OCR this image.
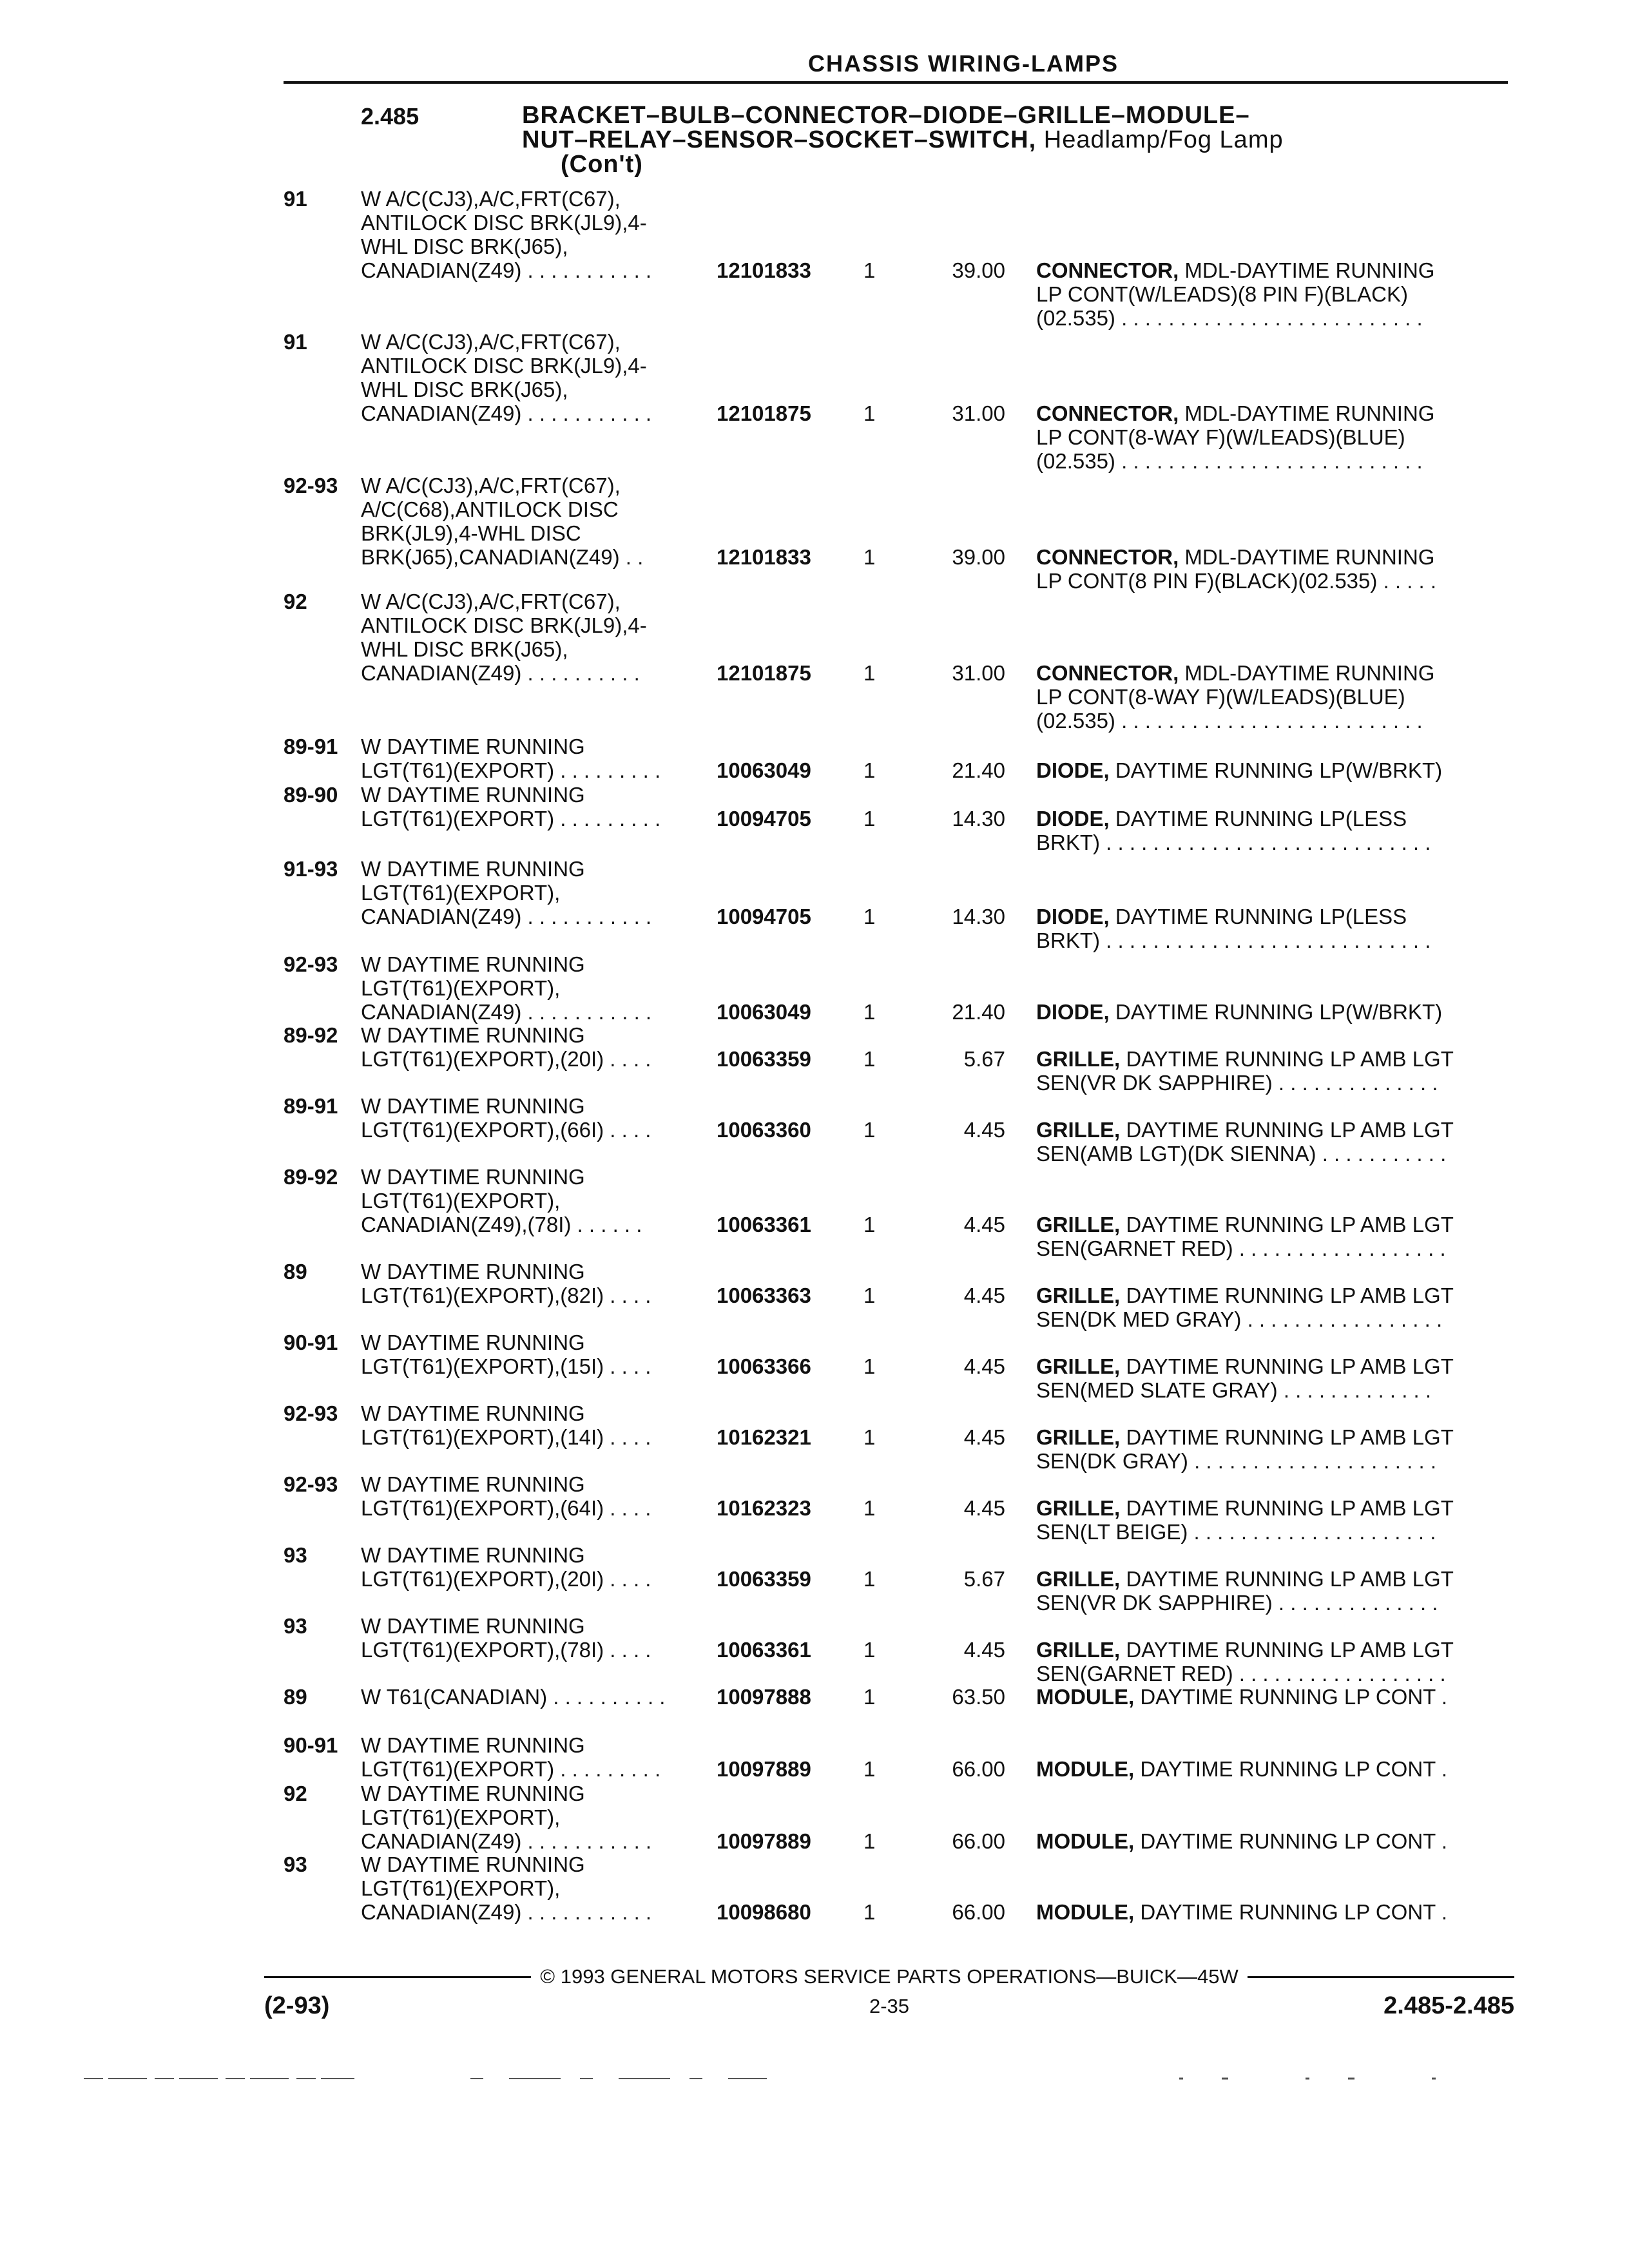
CHASSIS WIRING-LAMPS
2.485	BRACKET–BULB–CONNECTOR–DIODE–GRILLE–MODULE–
NUT–RELAY–SENSOR–SOCKET–SWITCH, Headlamp/Fog Lamp
(Con't)
91	W A/C(CJ3),A/C,FRT(C67),
ANTILOCK DISC BRK(JL9),4-
WHL DISC BRK(J65),
CANADIAN(Z49) . . . . . . . . . . .	12101833	1	39.00 CONNECTOR, MDL-DAYTIME RUNNING
LP CONT(W/LEADS)(8 PIN F)(BLACK)
(02.535) . . . . . . . . . . . . . . . . . . . . . . . . . .
91	W A/C(CJ3),A/C,FRT(C67),
ANTILOCK DISC BRK(JL9),4-
WHL DISC BRK(J65),
CANADIAN(Z49) . . . . . . . . . . .	12101875	1	31.00 CONNECTOR, MDL-DAYTIME RUNNING
LP CONT(8-WAY F)(W/LEADS)(BLUE)
(02.535) . . . . . . . . . . . . . . . . . . . . . . . . . .
92-93 W A/C(CJ3),A/C,FRT(C67),
A/C(C68),ANTILOCK DISC
BRK(JL9),4-WHL DISC
BRK(J65),CANADIAN(Z49) . .	12101833	1	39.00 CONNECTOR, MDL-DAYTIME RUNNING
LP CONT(8 PIN F)(BLACK)(02.535) . . . . .
92	W A/C(CJ3),A/C,FRT(C67),
ANTILOCK DISC BRK(JL9),4-
WHL DISC BRK(J65),
CANADIAN(Z49) . . . . . . . . . .	12101875	1	31.00 CONNECTOR, MDL-DAYTIME RUNNING
LP CONT(8-WAY F)(W/LEADS)(BLUE)
(02.535) . . . . . . . . . . . . . . . . . . . . . . . . . .
89-91 W DAYTIME RUNNING
LGT(T61)(EXPORT) . . . . . . . . .	10063049	1	21.40 DIODE, DAYTIME RUNNING LP(W/BRKT)
89-90 W DAYTIME RUNNING
LGT(T61)(EXPORT) . . . . . . . . .	10094705	1	14.30 DIODE, DAYTIME RUNNING LP(LESS
BRKT) . . . . . . . . . . . . . . . . . . . . . . . . . . . .
91-93 W DAYTIME RUNNING
LGT(T61)(EXPORT),
CANADIAN(Z49) . . . . . . . . . . .	10094705	1	14.30 DIODE, DAYTIME RUNNING LP(LESS
BRKT) . . . . . . . . . . . . . . . . . . . . . . . . . . . .
92-93 W DAYTIME RUNNING
LGT(T61)(EXPORT),
CANADIAN(Z49) . . . . . . . . . . .	10063049	1	21.40 DIODE, DAYTIME RUNNING LP(W/BRKT)
89-92 W DAYTIME RUNNING
LGT(T61)(EXPORT),(20I) . . . .	10063359	1	5.67 GRILLE, DAYTIME RUNNING LP AMB LGT
SEN(VR DK SAPPHIRE) . . . . . . . . . . . . . .
89-91 W DAYTIME RUNNING
LGT(T61)(EXPORT),(66I) . . . .	10063360	1	4.45 GRILLE, DAYTIME RUNNING LP AMB LGT
SEN(AMB LGT)(DK SIENNA) . . . . . . . . . . .
89-92 W DAYTIME RUNNING
LGT(T61)(EXPORT),
CANADIAN(Z49),(78I) . . . . . .	10063361	1	4.45 GRILLE, DAYTIME RUNNING LP AMB LGT
SEN(GARNET RED) . . . . . . . . . . . . . . . . . .
89	W DAYTIME RUNNING
LGT(T61)(EXPORT),(82I) . . . .	10063363	1	4.45 GRILLE, DAYTIME RUNNING LP AMB LGT
SEN(DK MED GRAY) . . . . . . . . . . . . . . . . .
90-91 W DAYTIME RUNNING
LGT(T61)(EXPORT),(15I) . . . .	10063366	1	4.45 GRILLE, DAYTIME RUNNING LP AMB LGT
SEN(MED SLATE GRAY) . . . . . . . . . . . . .
92-93 W DAYTIME RUNNING
LGT(T61)(EXPORT),(14I) . . . .	10162321	1	4.45 GRILLE, DAYTIME RUNNING LP AMB LGT
SEN(DK GRAY) . . . . . . . . . . . . . . . . . . . . .
92-93 W DAYTIME RUNNING
LGT(T61)(EXPORT),(64I) . . . .	10162323	1	4.45 GRILLE, DAYTIME RUNNING LP AMB LGT
SEN(LT BEIGE) . . . . . . . . . . . . . . . . . . . . .
93	W DAYTIME RUNNING
LGT(T61)(EXPORT),(20I) . . . .	10063359	1	5.67 GRILLE, DAYTIME RUNNING LP AMB LGT
SEN(VR DK SAPPHIRE) . . . . . . . . . . . . . .
93	W DAYTIME RUNNING
LGT(T61)(EXPORT),(78I) . . . .	10063361	1	4.45 GRILLE, DAYTIME RUNNING LP AMB LGT
SEN(GARNET RED) . . . . . . . . . . . . . . . . . .
89	W T61(CANADIAN) . . . . . . . . . .	10097888	1	63.50 MODULE, DAYTIME RUNNING LP CONT .
90-91 W DAYTIME RUNNING
LGT(T61)(EXPORT) . . . . . . . . .	10097889	1	66.00 MODULE, DAYTIME RUNNING LP CONT .
92	W DAYTIME RUNNING
LGT(T61)(EXPORT),
CANADIAN(Z49) . . . . . . . . . . .	10097889	1	66.00 MODULE, DAYTIME RUNNING LP CONT .
93	W DAYTIME RUNNING
LGT(T61)(EXPORT),
CANADIAN(Z49) . . . . . . . . . . .	10098680	1	66.00 MODULE, DAYTIME RUNNING LP CONT .
© 1993 GENERAL MOTORS SERVICE PARTS OPERATIONS—BUICK—45W
(2-93)	2-35	2.485-2.485
